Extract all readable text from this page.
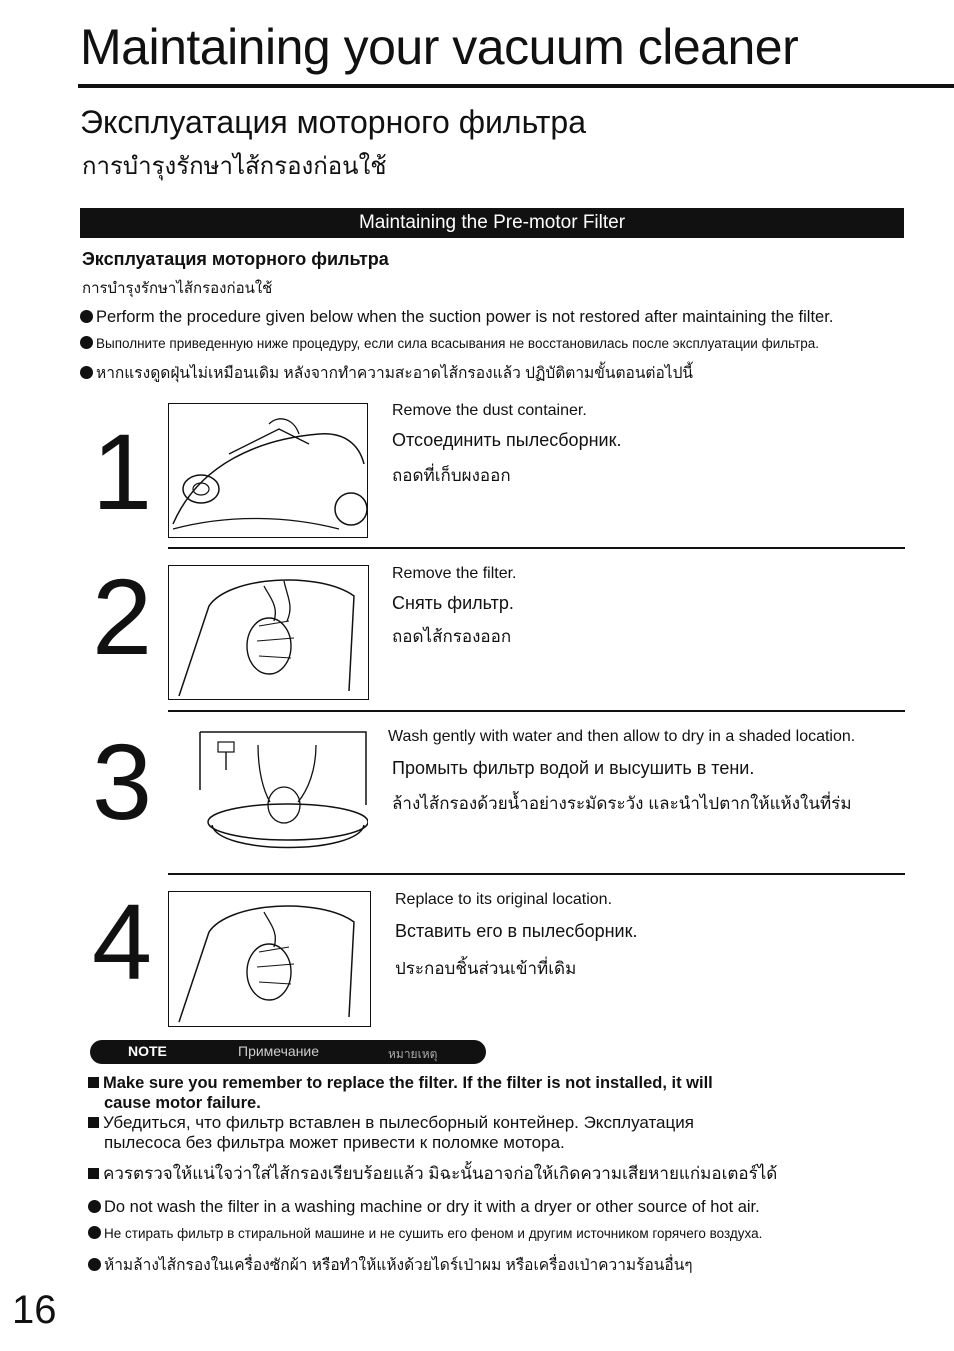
Maintaining your vacuum cleaner
Эксплуатация моторного фильтра
การบำรุงรักษาไส้กรองก่อนใช้
Maintaining the Pre-motor Filter
Эксплуатация моторного фильтра
การบำรุงรักษาไส้กรองก่อนใช้
Perform the procedure given below when the suction power is not restored after maintaining the filter.
Выполните приведенную ниже процедуру, если сила всасывания не восстановилась после эксплуатации фильтра.
หากแรงดูดฝุ่นไม่เหมือนเดิม หลังจากทำความสะอาดไส้กรองแล้ว ปฏิบัติตามขั้นตอนต่อไปนี้
1
Remove the dust container.
Отсоединить пылесборник.
ถอดที่เก็บผงออก
2	Remove the filter.
Снять фильтр.
ถอดไส้กรองออก
3	Wash gently with water and then allow to dry in a shaded location.
Промыть фильтр водой и высушить в тени.
ล้างไส้กรองด้วยน้ำอย่างระมัดระวัง และนำไปตากให้แห้งในที่ร่ม
4	Replace to its original location.
Вставить его в пылесборник.
ประกอบชิ้นส่วนเข้าที่เดิม
NOTE	Примечание	หมายเหตุ
Make sure you remember to replace the filter. If the filter is not installed, it will
cause motor failure.
Убедиться, что фильтр вставлен в пылесборный контейнер. Эксплуатация
пылесоса без фильтра может привести к поломке мотора.
ควรตรวจให้แน่ใจว่าใส่ไส้กรองเรียบร้อยแล้ว มิฉะนั้นอาจก่อให้เกิดความเสียหายแก่มอเตอร์ได้
Do not wash the filter in a washing machine or dry it with a dryer or other source of hot air.
Не стирать фильтр в стиральной машине и не сушить его феном и другим источником горячего воздуха.
ห้ามล้างไส้กรองในเครื่องซักผ้า หรือทำให้แห้งด้วยไดร์เป่าผม หรือเครื่องเป่าความร้อนอื่นๆ
16
